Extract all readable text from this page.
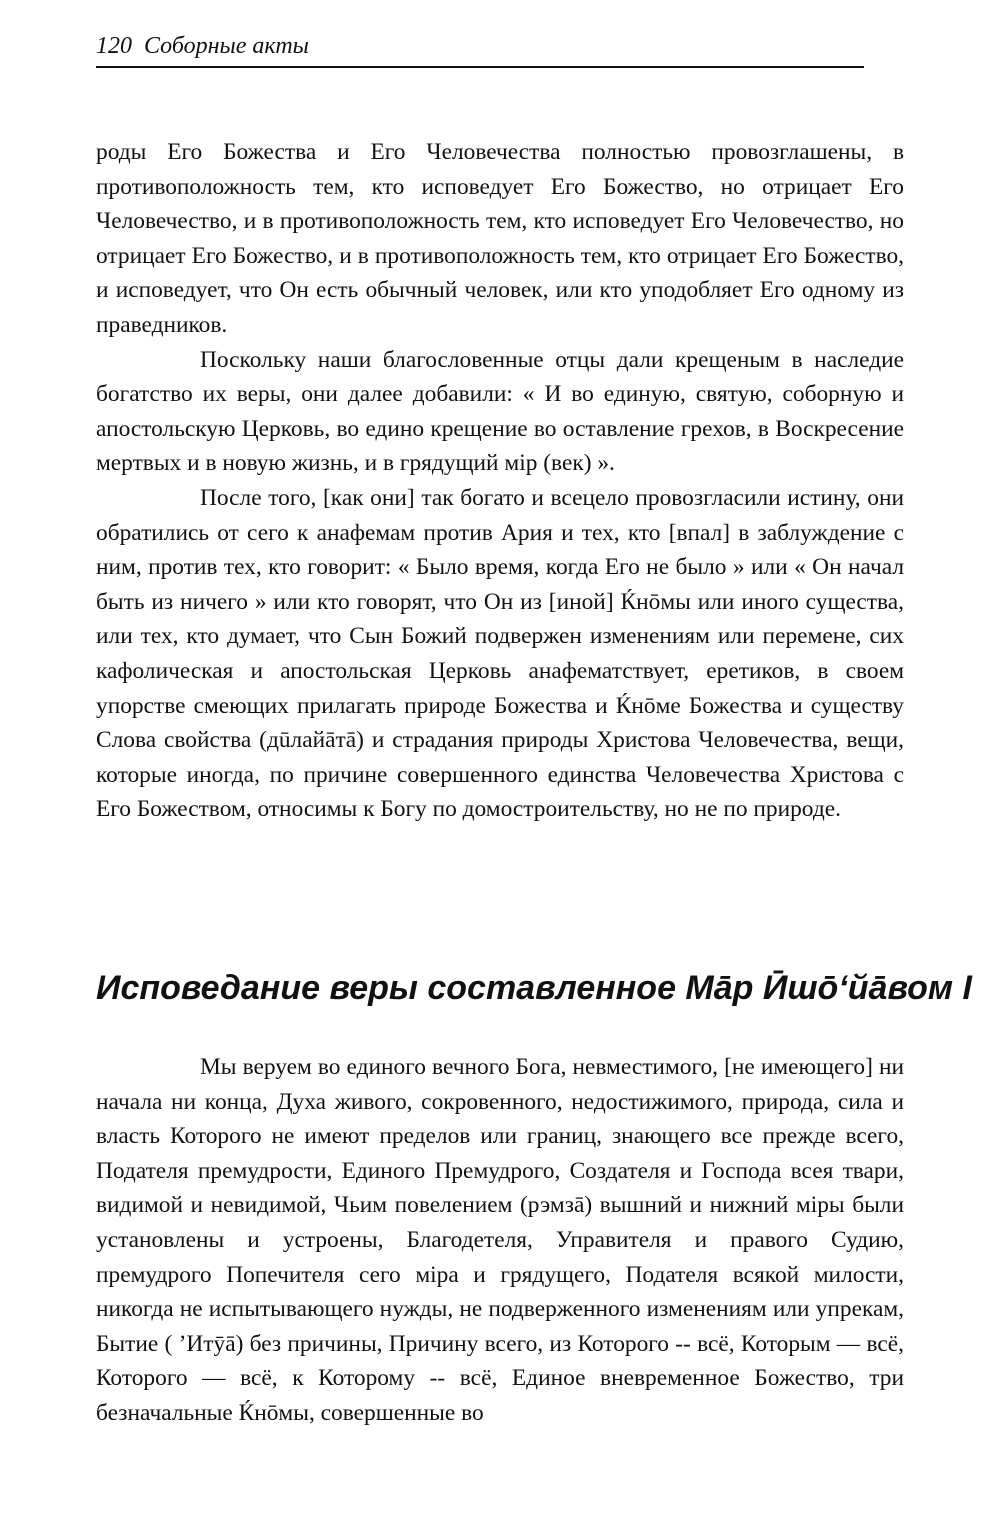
120 Соборные акты

роды Его Божества и Его Человечества полностью провозглашены, в противоположность тем, кто исповедует Его Божество, но отрицает Его Человечество, и в противоположность тем, кто исповедует Его Человечество, но отрицает Его Божество, и в противоположность тем, кто отрицает Его Божество, и исповедует, что Он есть обычный человек, или кто уподобляет Его одному из праведников.

Поскольку наши благословенные отцы дали крещеным в наследие богатство их веры, они далее добавили: « И во единую, святую, соборную и апостольскую Церковь, во едино крещение во оставление грехов, в Воскресение мертвых и в новую жизнь, и в грядущий мір (век) ».

После того, [как они] так богато и всецело провозгласили истину, они обратились от сего к анафемам против Ария и тех, кто [впал] в заблуждение с ним, против тех, кто говорит: « Было время, когда Его не было » или « Он начал быть из ничего » или кто говорят, что Он из [иной] Ќнōмы или иного существа, или тех, кто думает, что Сын Божий подвержен изменениям или перемене, сих кафолическая и апостольская Церковь анафематствует, еретиков, в своем упорстве смеющих прилагать природе Божества и Ќнōме Божества и существу Слова свойства (дūлайāтā) и страдания природы Христова Человечества, вещи, которые иногда, по причине совершенного единства Человечества Христова с Его Божеством, относимы к Богу по домостроительству, но не по природе.

Исповедание веры составленное Мāр Ӣшō‘йāвом I

Мы веруем во единого вечного Бога, невместимого, [не имеющего] ни начала ни конца, Духа живого, сокровенного, недостижимого, природа, сила и власть Которого не имеют пределов или границ, знающего все прежде всего, Подателя премудрости, Единого Премудрого, Создателя и Господа всея твари, видимой и невидимой, Чьим повелением (рэмзā) вышний и нижний міры были установлены и устроены, Благодетеля, Управителя и правого Судию, премудрого Попечителя сего міра и грядущего, Подателя всякой милости, никогда не испытывающего нужды, не подверженного изменениям или упрекам, Бытие ( ’Итӯā) без причины, Причину всего, из Которого -- всё, Которым — всё, Которого — всё, к Которому -- всё, Единое вневременное Божество, три безначальные Ќнōмы, совершенные во
